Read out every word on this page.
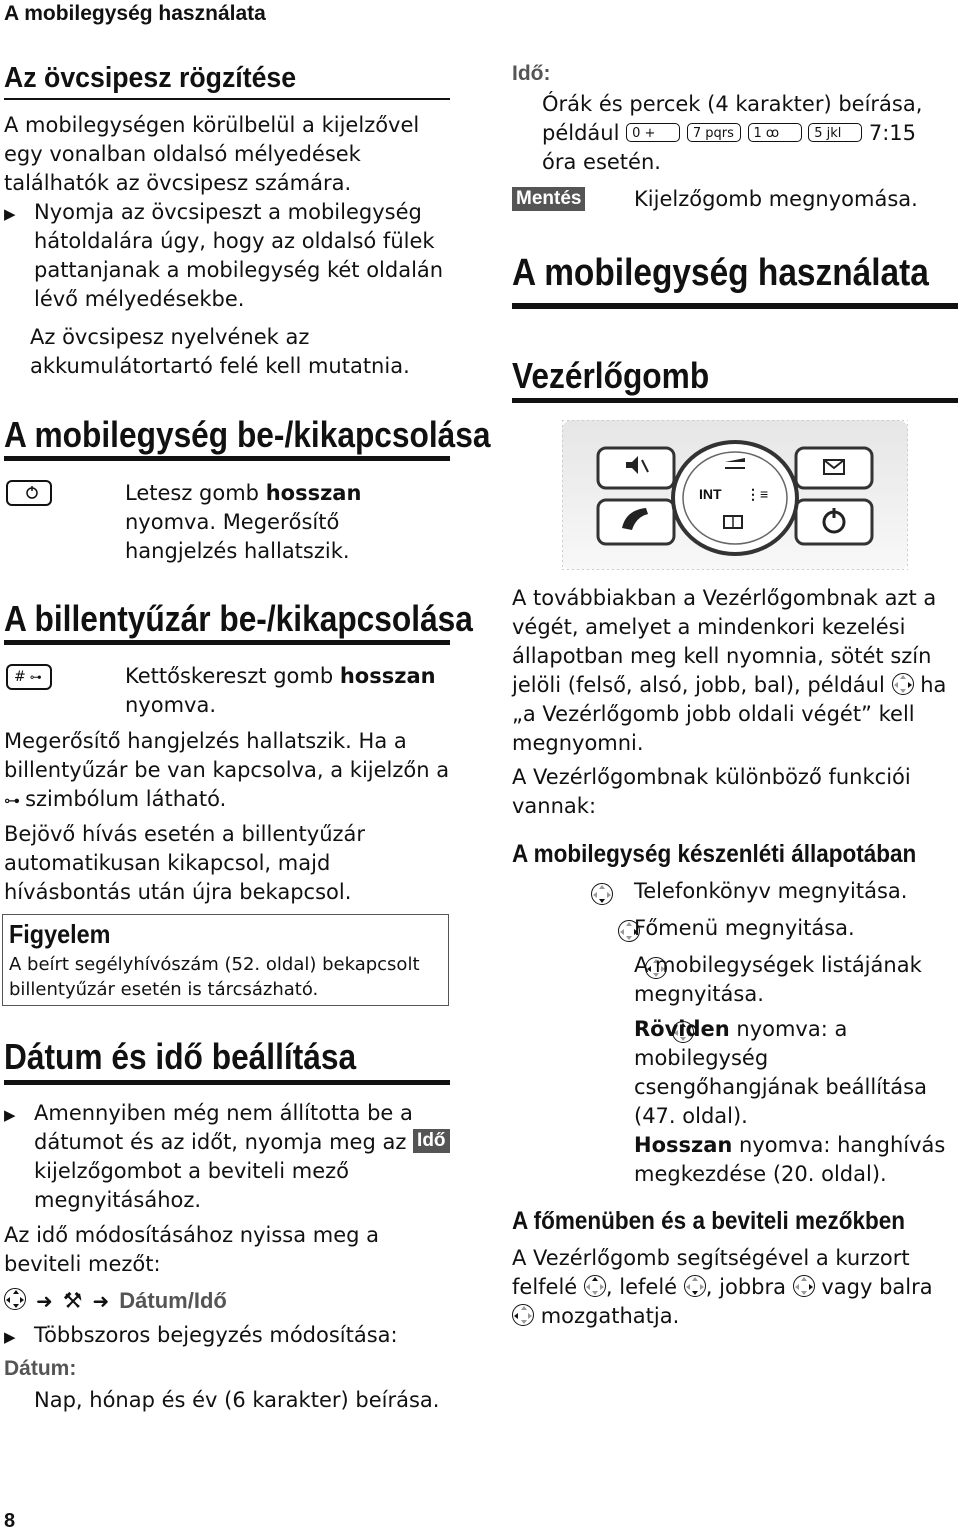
A mobilegység használata
Az övcsipesz rögzítése
A mobilegységen körülbelül a kijelzővel
egy vonalban oldalsó mélyedések
találhatók az övcsipesz számára.
▶ Nyomja az övcsipeszt a mobilegység
hátoldalára úgy, hogy az oldalsó fülek
pattanjanak a mobilegység két oldalán
lévő mélyedésekbe.
Az övcsipesz nyelvének az
akkumulátortartó felé kell mutatnia.
A mobilegység be-/kikapcsolása
Letesz gomb hosszan
nyomva. Megerősítő
hangjelzés hallatszik.
A billentyűzár be-/kikapcsolása
# ⊶	Kettőskereszt gomb hosszan
nyomva.
Megerősítő hangjelzés hallatszik. Ha a
billentyűzár be van kapcsolva, a kijelzőn a
⊶ szimbólum látható.
Bejövő hívás esetén a billentyűzár
automatikusan kikapcsol, majd
hívásbontás után újra bekapcsol.
Figyelem
A beírt segélyhívószám (52. oldal) bekapcsolt
billentyűzár esetén is tárcsázható.
Dátum és idő beállítása
▶ Amennyiben még nem állította be a
dátumot és az időt, nyomja meg az Idő
kijelzőgombot a beviteli mező
megnyitásához.
Az idő módosításához nyissa meg a
beviteli mezőt:
➜ ⚒ ➜ Dátum/Idő
▶ Többszoros bejegyzés módosítása:
Dátum:
Nap, hónap és év (6 karakter) beírása.
Idő:
Órák és percek (4 karakter) beírása,
például 0 +	7 pqrs 1 ꝏ	5 jkl 7:15
óra esetén.
Mentés	Kijelzőgomb megnyomása.
A mobilegység használata
Vezérlőgomb
INT ⋮≡
A továbbiakban a Vezérlőgombnak azt a
végét, amelyet a mindenkori kezelési
állapotban meg kell nyomnia, sötét szín
jelöli (felső, alsó, jobb, bal), például ha
„a Vezérlőgomb jobb oldali végét” kell
megnyomni.
A Vezérlőgombnak különböző funkciói
vannak:
A mobilegység készenléti állapotában

Telefonkönyv megnyitása.

Főmenü megnyitása.

A mobilegységek listájának
megnyitása.
Röviden nyomva: a
mobilegység
csengőhangjának beállítása
(47. oldal).
Hosszan nyomva: hanghívás
megkezdése (20. oldal).
A főmenüben és a beviteli mezőkben
A Vezérlőgomb segítségével a kurzort
felfelé , lefelé , jobbra vagy balra
mozgathatja.
8
